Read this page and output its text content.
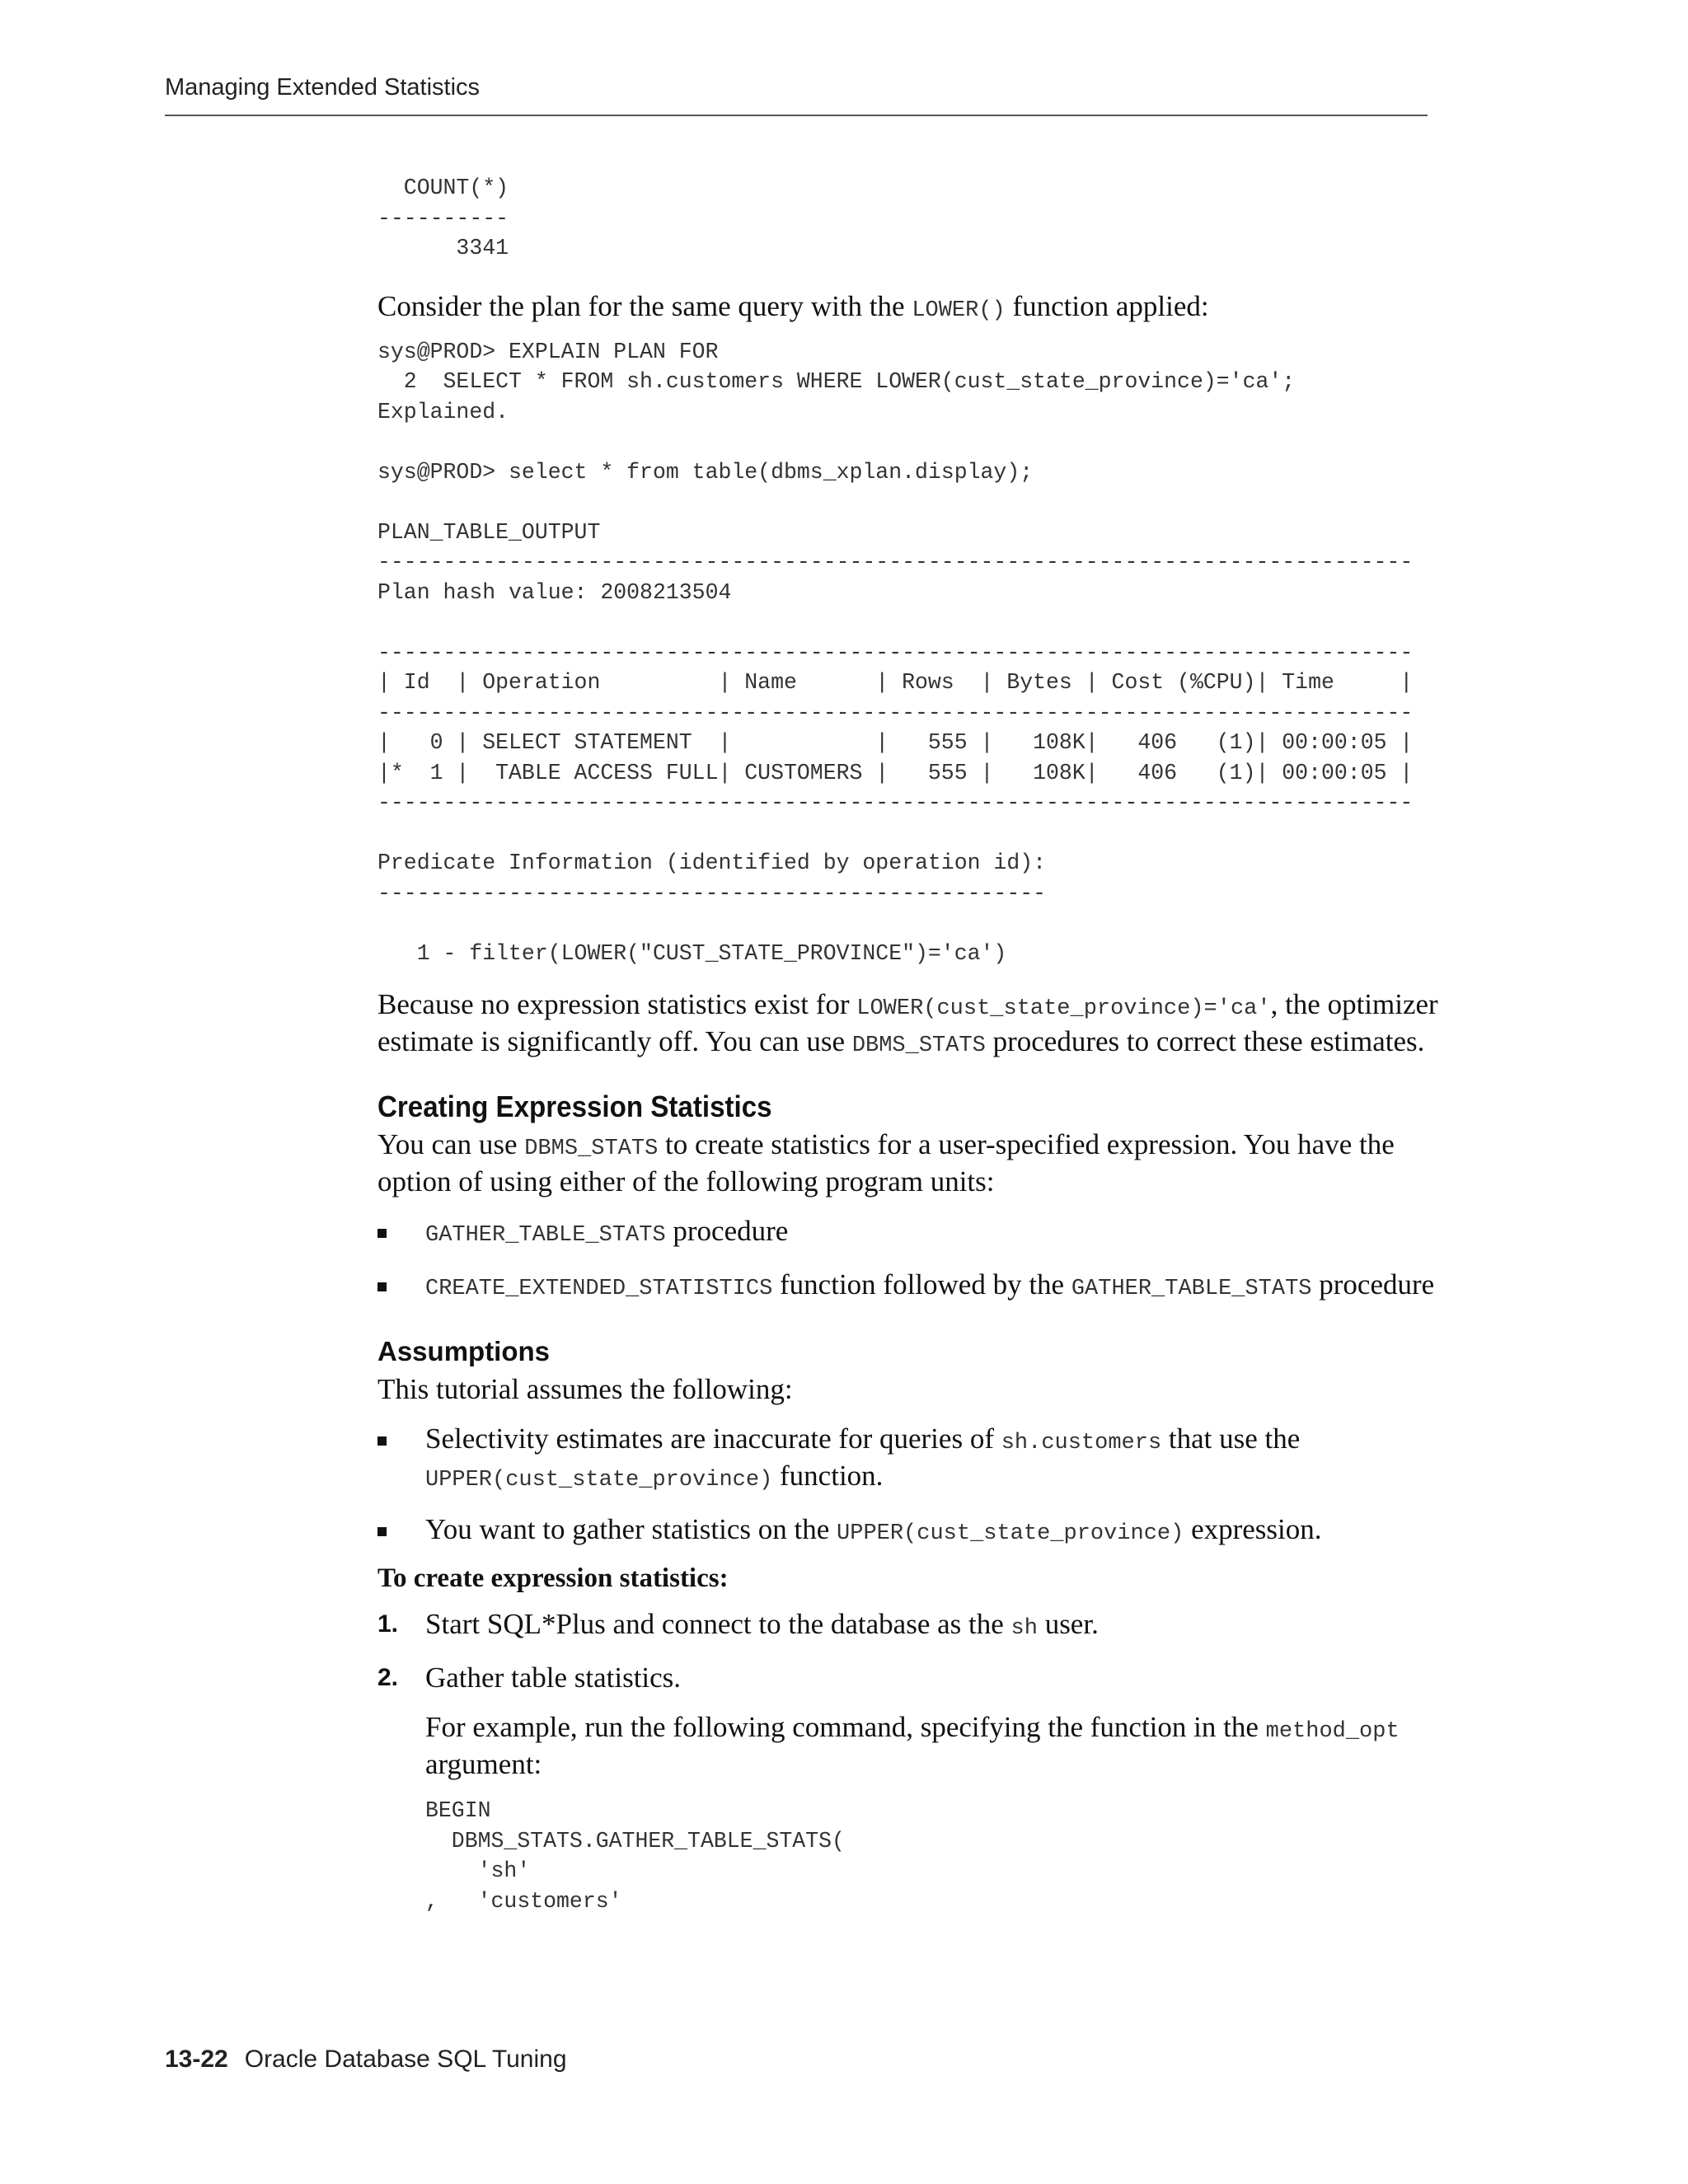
Managing Extended Statistics
COUNT(*)
----------
3341

Consider the plan for the same query with the LOWER() function applied:

sys@PROD> EXPLAIN PLAN FOR
2  SELECT * FROM sh.customers WHERE LOWER(cust_state_province)='ca';
Explained.

sys@PROD> select * from table(dbms_xplan.display);

PLAN_TABLE_OUTPUT
-------------------------------------------------------------------------------
Plan hash value: 2008213504

-------------------------------------------------------------------------------
| Id  | Operation         | Name      | Rows  | Bytes | Cost (%CPU)| Time     |
-------------------------------------------------------------------------------
|   0 | SELECT STATEMENT  |           |   555 |   108K|   406   (1)| 00:00:05 |
|*  1 |  TABLE ACCESS FULL| CUSTOMERS |   555 |   108K|   406   (1)| 00:00:05 |
-------------------------------------------------------------------------------

Predicate Information (identified by operation id):
---------------------------------------------------

1 - filter(LOWER("CUST_STATE_PROVINCE")='ca')

Because no expression statistics exist for LOWER(cust_state_province)='ca', the optimizer estimate is significantly off. You can use DBMS_STATS procedures to correct these estimates.

Creating Expression Statistics

You can use DBMS_STATS to create statistics for a user-specified expression. You have the option of using either of the following program units:

GATHER_TABLE_STATS procedure
CREATE_EXTENDED_STATISTICS function followed by the GATHER_TABLE_STATS procedure
Assumptions

This tutorial assumes the following:

Selectivity estimates are inaccurate for queries of sh.customers that use the
UPPER(cust_state_province) function.
You want to gather statistics on the UPPER(cust_state_province) expression.

To create expression statistics:

1. Start SQL*Plus and connect to the database as the sh user.
2. Gather table statistics.

For example, run the following command, specifying the function in the method_opt argument:

BEGIN
DBMS_STATS.GATHER_TABLE_STATS(
'sh'
,   'customers'
13-22 Oracle Database SQL Tuning
